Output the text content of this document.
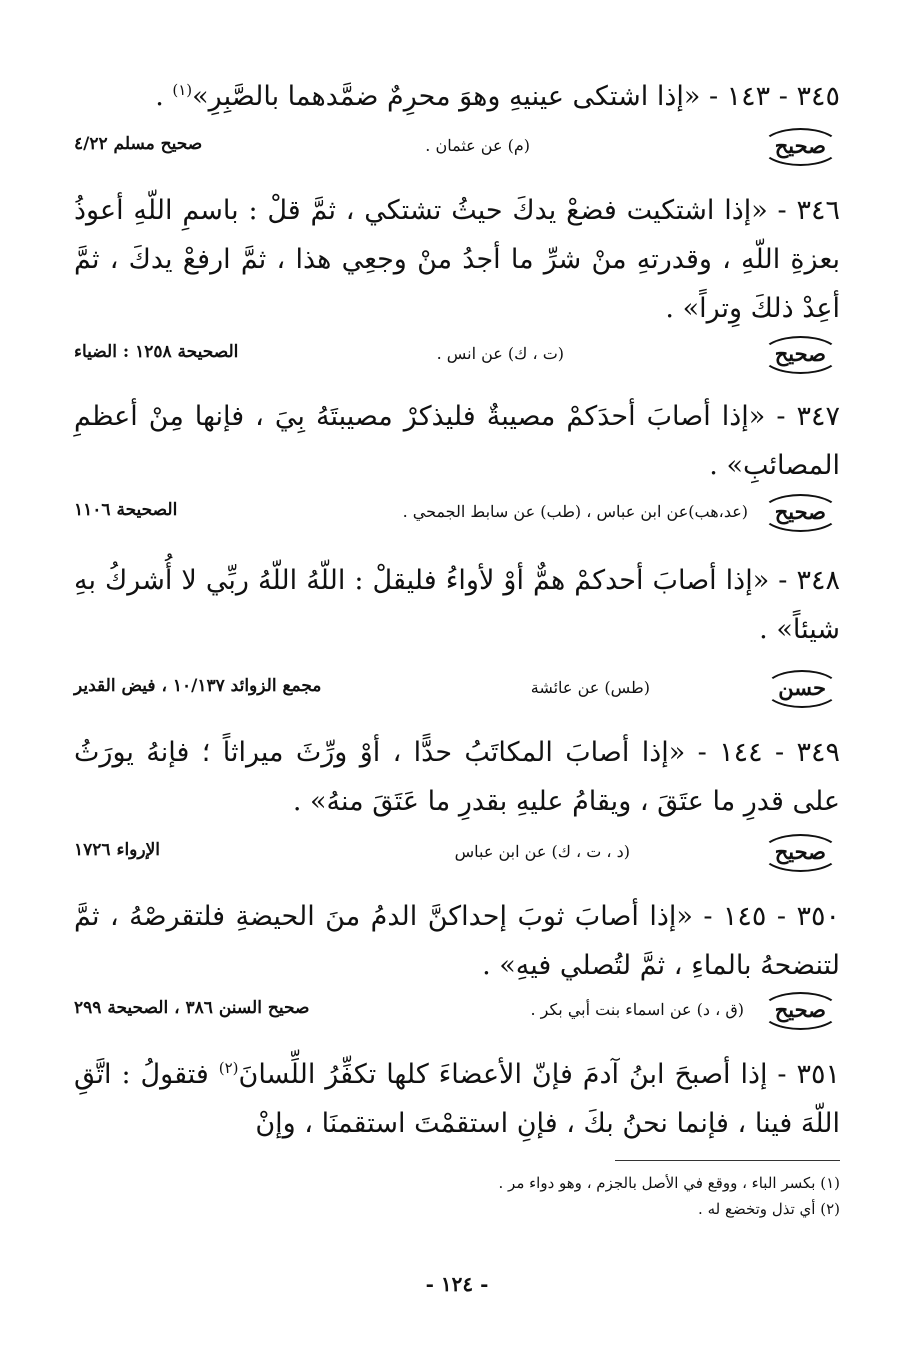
٣٤٥ - ١٤٣ - «إذا اشتكى عينيهِ وهوَ محرِمٌ ضمَّدهما بالصَّبِرِ»$^{(١)}$ .
صحيح
(م) عن عثمان .
صحيح مسلم ٤/٢٢
٣٤٦ - «إذا اشتكيت فضعْ يدكَ حيثُ تشتكي ، ثمَّ قلْ : باسمِ اللّهِ أعوذُ بعزةِ اللّهِ ، وقدرتهِ منْ شرِّ ما أجدُ منْ وجعِي هذا ، ثمَّ ارفعْ يدكَ ، ثمَّ أعِدْ ذلكَ وِتراً» .
صحيح
(ت ، ك) عن انس .
الصحيحة ١٢٥٨ : الضياء
٣٤٧ - «إذا أصابَ أحدَكمْ مصيبةٌ فليذكرْ مصيبتَهُ بِيَ ، فإنها مِنْ أعظمِ المصائبِ» .
صحيح
(عد،هب)عن ابن عباس ، (طب) عن سابط الجمحي .
الصحيحة ١١٠٦
٣٤٨ - «إذا أصابَ أحدكمْ همٌّ أوْ لأواءُ فليقلْ : اللّهُ اللّهُ ربِّي لا أُشركُ بهِ شيئاً» .
حسن
(طس) عن عائشة
مجمع الزوائد ١٠/١٣٧ ، فيض القدير
٣٤٩ - ١٤٤ - «إذا أصابَ المكاتَبُ حدًّا ، أوْ ورِّثَ ميراثاً ؛ فإنهُ يورَثُ على قدرِ ما عتَقَ ، ويقامُ عليهِ بقدرِ ما عَتَقَ منهُ» .
صحيح
(د ، ت ، ك) عن ابن عباس
الإرواء ١٧٢٦
٣٥٠ - ١٤٥ - «إذا أصابَ ثوبَ إحداكنَّ الدمُ منَ الحيضةِ فلتقرصْهُ ، ثمَّ لتنضحهُ بالماءِ ، ثمَّ لتُصلي فيهِ» .
صحيح
(ق ، د) عن اسماء بنت أبي بكر .
صحيح السنن ٣٨٦ ، الصحيحة ٢٩٩
٣٥١ - إذا أصبحَ ابنُ آدمَ فإنّ الأعضاءَ كلها تكفِّرُ اللِّسانَ$^{(٢)}$ فتقولُ : اتَّقِ اللّهَ فينا ، فإنما نحنُ بكَ ، فإنِ استقمْتَ استقمنَا ، وإنْ
(١) بكسر الباء ، ووقع في الأصل بالجزم ، وهو دواء مر .
(٢) أي تذل وتخضع له .
- ١٢٤ -
